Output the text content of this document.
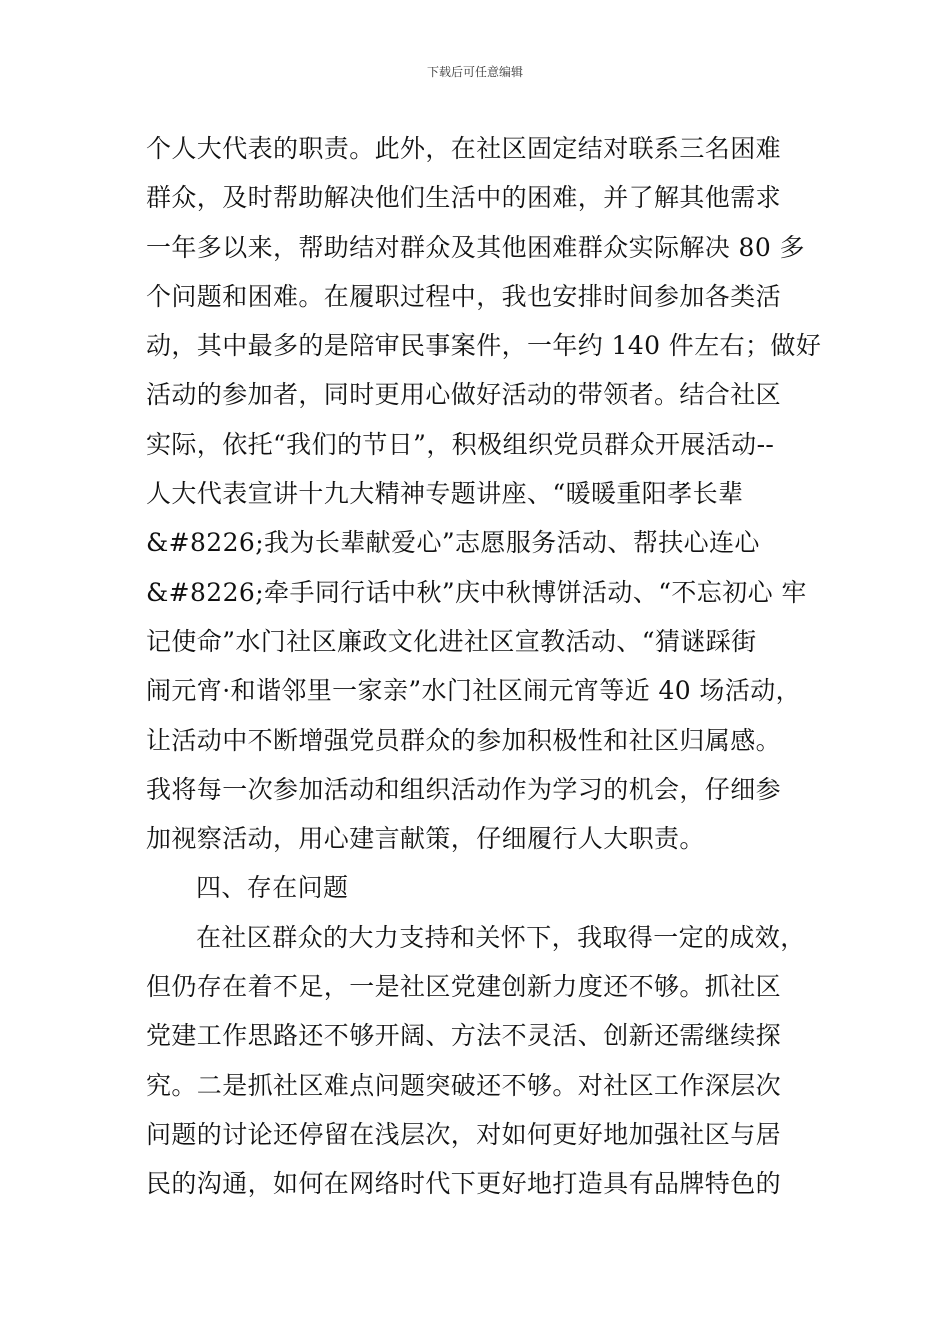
下载后可任意编辑
个人大代表的职责。此外，在社区固定结对联系三名困难
群众，及时帮助解决他们生活中的困难，并了解其他需求
一年多以来，帮助结对群众及其他困难群众实际解决 80 多
个问题和困难。在履职过程中，我也安排时间参加各类活
动，其中最多的是陪审民事案件，一年约 140 件左右；做好
活动的参加者，同时更用心做好活动的带领者。结合社区
实际，依托“我们的节日”，积极组织党员群众开展活动--
人大代表宣讲十九大精神专题讲座、“暖暖重阳孝长辈
&#8226;我为长辈献爱心”志愿服务活动、帮扶心连心
&#8226;牵手同行话中秋”庆中秋博饼活动、“不忘初心 牢
记使命”水门社区廉政文化进社区宣教活动、“猜谜踩街
闹元宵·和谐邻里一家亲”水门社区闹元宵等近 40 场活动，
让活动中不断增强党员群众的参加积极性和社区归属感。
我将每一次参加活动和组织活动作为学习的机会，仔细参
加视察活动，用心建言献策，仔细履行人大职责。
四、存在问题
在社区群众的大力支持和关怀下，我取得一定的成效，
但仍存在着不足，一是社区党建创新力度还不够。抓社区
党建工作思路还不够开阔、方法不灵活、创新还需继续探
究。二是抓社区难点问题突破还不够。对社区工作深层次
问题的讨论还停留在浅层次，对如何更好地加强社区与居
民的沟通，如何在网络时代下更好地打造具有品牌特色的
